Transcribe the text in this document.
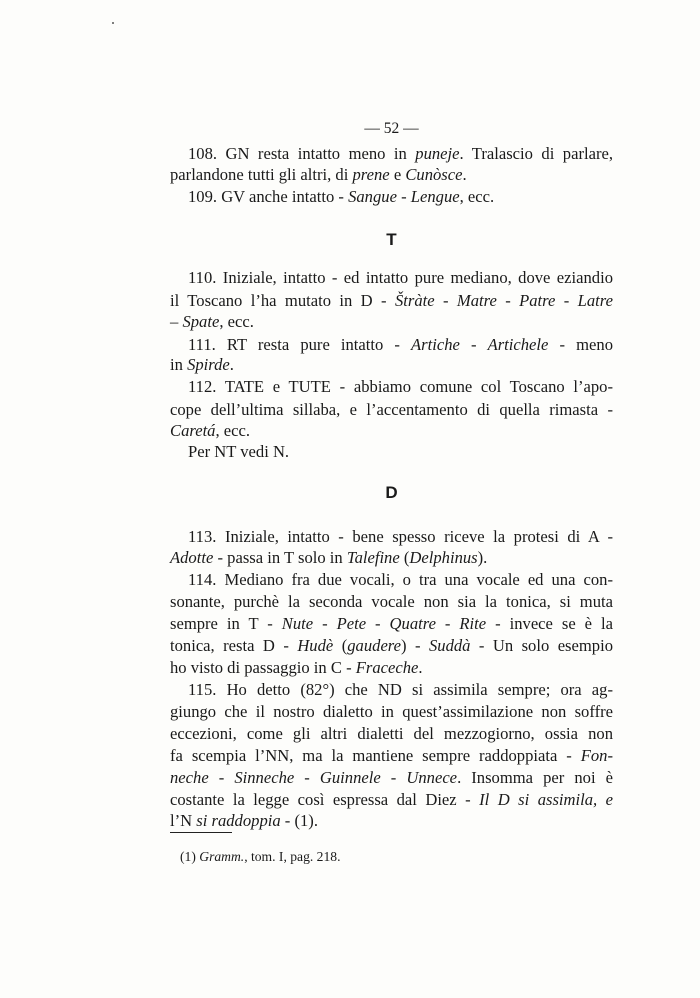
— 52 —
108. GN resta intatto meno in puneje. Tralascio di parlare,
parlandone tutti gli altri, di prene e Cunòsce.
109. GV anche intatto - Sangue - Lengue, ecc.
T
110. Iniziale, intatto - ed intatto pure mediano, dove eziandio
il Toscano l’ha mutato in D - Štràte - Matre - Patre - Latre
– Spate, ecc.
111. RT resta pure intatto - Artiche - Artichele - meno
in Spirde.
112. TATE e TUTE - abbiamo comune col Toscano l’apo-
cope dell’ultima sillaba, e l’accentamento di quella rimasta -
Caretá, ecc.
Per NT vedi N.
D
113. Iniziale, intatto - bene spesso riceve la protesi di A -
Adotte - passa in T solo in Talefine (Delphinus).
114. Mediano fra due vocali, o tra una vocale ed una con-
sonante, purchè la seconda vocale non sia la tonica, si muta
sempre in T - Nute - Pete - Quatre - Rite - invece se è la
tonica, resta D - Hudè (gaudere) - Suddà - Un solo esempio
ho visto di passaggio in C - Fraceche.
115. Ho detto (82°) che ND si assimila sempre; ora ag-
giungo che il nostro dialetto in quest’assimilazione non soffre
eccezioni, come gli altri dialetti del mezzogiorno, ossia non
fa scempia l’NN, ma la mantiene sempre raddoppiata - Fon-
neche - Sinneche - Guinnele - Unnece. Insomma per noi è
costante la legge così espressa dal Diez - Il D si assimila, e
l’N si raddoppia - (1).
(1) Gramm., tom. I, pag. 218.
